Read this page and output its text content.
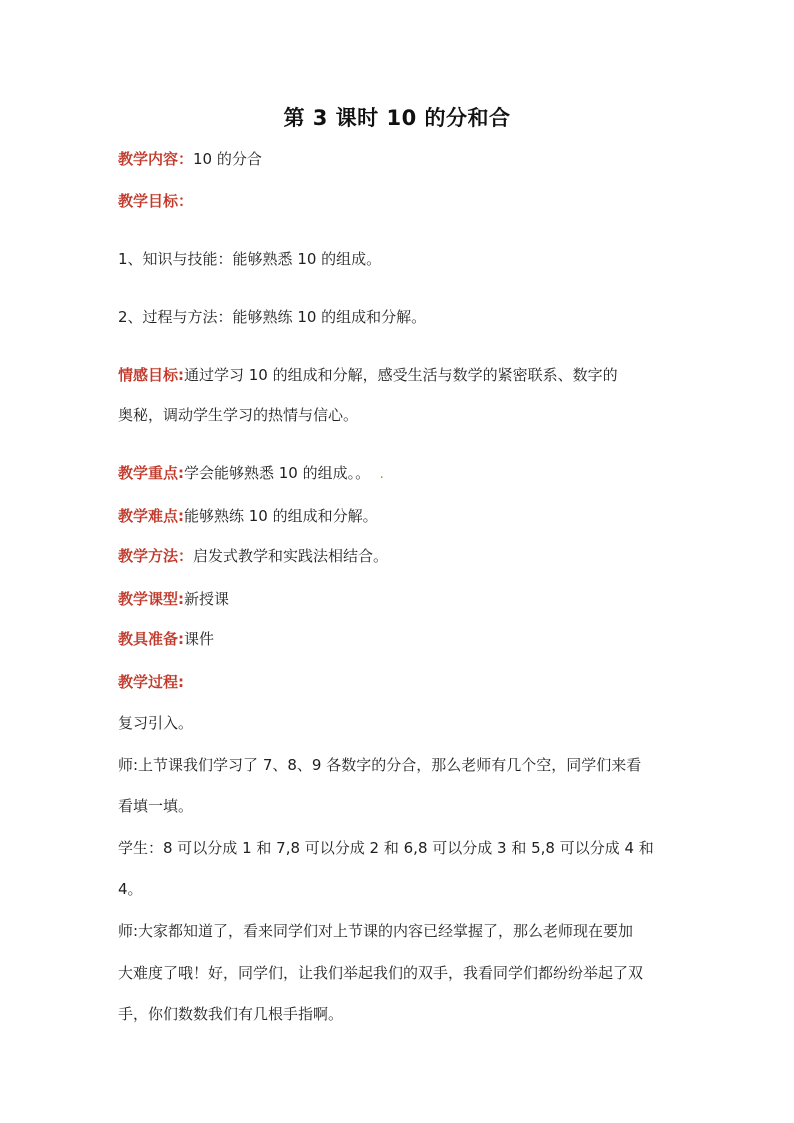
第 3 课时 10 的分和合
教学内容：10 的分合
教学目标：
1、知识与技能：能够熟悉 10 的组成。
2、过程与方法：能够熟练 10 的组成和分解。
情感目标:通过学习 10 的组成和分解，感受生活与数学的紧密联系、数字的
奥秘，调动学生学习的热情与信心。
教学重点:学会能够熟悉 10 的组成。。 .
教学难点:能够熟练 10 的组成和分解。
教学方法：启发式教学和实践法相结合。
教学课型:新授课
教具准备:课件
教学过程:
复习引入。
师:上节课我们学习了 7、8、9 各数字的分合，那么老师有几个空，同学们来看
看填一填。
学生：8 可以分成 1 和 7,8 可以分成 2 和 6,8 可以分成 3 和 5,8 可以分成 4 和
4。
师:大家都知道了，看来同学们对上节课的内容已经掌握了，那么老师现在要加
大难度了哦！好，同学们，让我们举起我们的双手，我看同学们都纷纷举起了双
手，你们数数我们有几根手指啊。
